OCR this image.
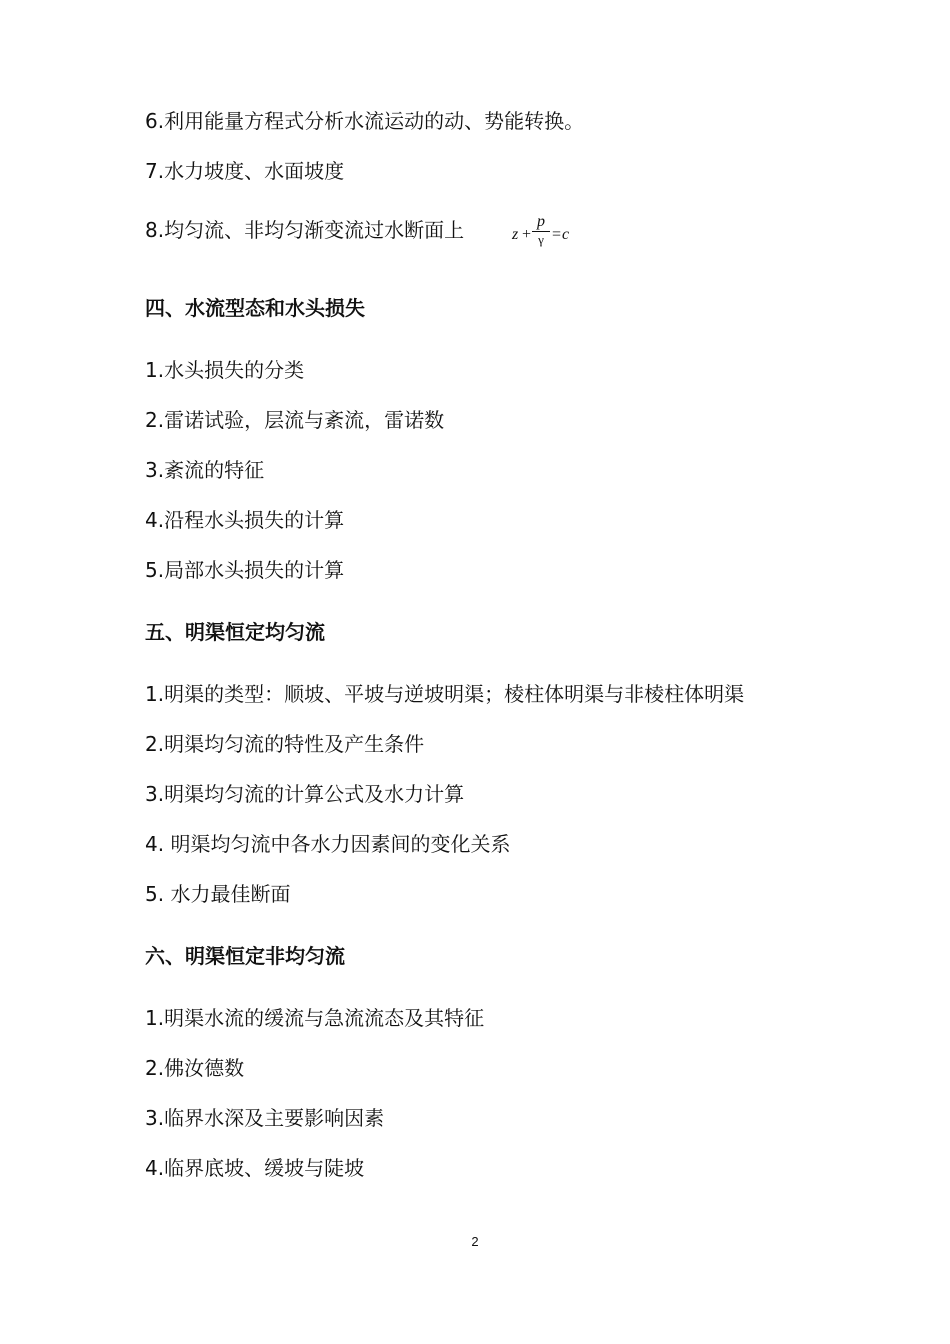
6.利用能量方程式分析水流运动的动、势能转换。
7.水力坡度、水面坡度
8.均匀流、非均匀渐变流过水断面上	z +
p
γ = c
四、水流型态和水头损失
1.水头损失的分类
2.雷诺试验，层流与紊流，雷诺数
3.紊流的特征
4.沿程水头损失的计算
5.局部水头损失的计算
五、明渠恒定均匀流
1.明渠的类型：顺坡、平坡与逆坡明渠；棱柱体明渠与非棱柱体明渠
2.明渠均匀流的特性及产生条件
3.明渠均匀流的计算公式及水力计算
4. 明渠均匀流中各水力因素间的变化关系
5. 水力最佳断面
六、明渠恒定非均匀流
1.明渠水流的缓流与急流流态及其特征
2.佛汝德数
3.临界水深及主要影响因素
4.临界底坡、缓坡与陡坡
2
